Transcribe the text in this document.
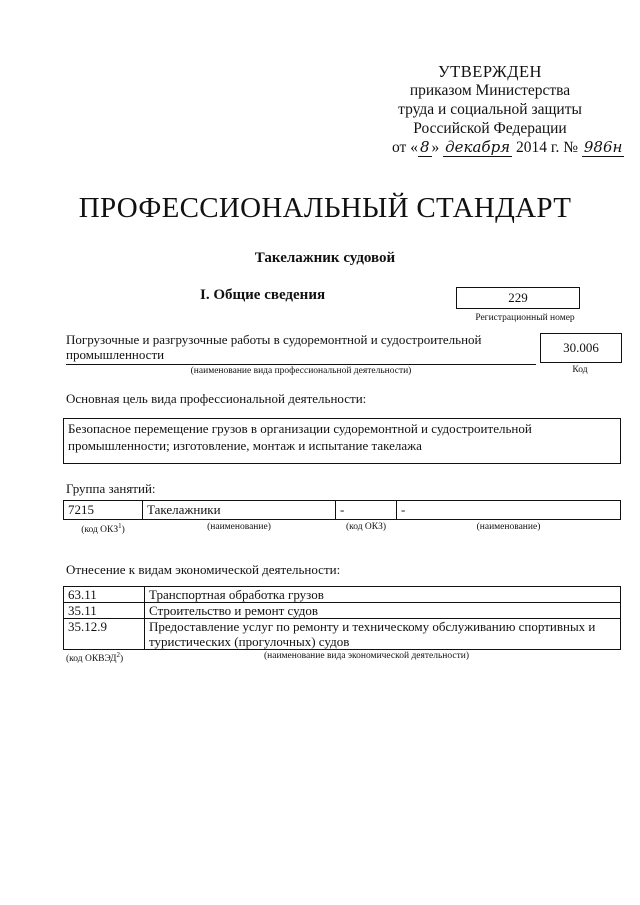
УТВЕРЖДЕН
приказом Министерства
труда и социальной защиты
Российской Федерации
от « 8 » декабря 2014 г. № 986н
ПРОФЕССИОНАЛЬНЫЙ СТАНДАРТ
Такелажник судовой
I. Общие сведения	229
Регистрационный номер
Погрузочные и разгрузочные работы в судоремонтной и судостроительной промышленности	30.006
(наименование вида профессиональной деятельности)	Код
Основная цель вида профессиональной деятельности:
Безопасное перемещение грузов в организации судоремонтной и судостроительной промышленности; изготовление, монтаж и испытание такелажа
Группа занятий:
7215	Такелажники	-	-
(код ОКЗ$^1$)	(наименование)	(код ОКЗ)	(наименование)
Отнесение к видам экономической деятельности:
63.11	Транспортная обработка грузов
35.11	Строительство и ремонт судов
35.12.9	Предоставление услуг по ремонту и техническому обслуживанию спортивных и туристических (прогулочных) судов
(код ОКВЭД$^2$)	(наименование вида экономической деятельности)
